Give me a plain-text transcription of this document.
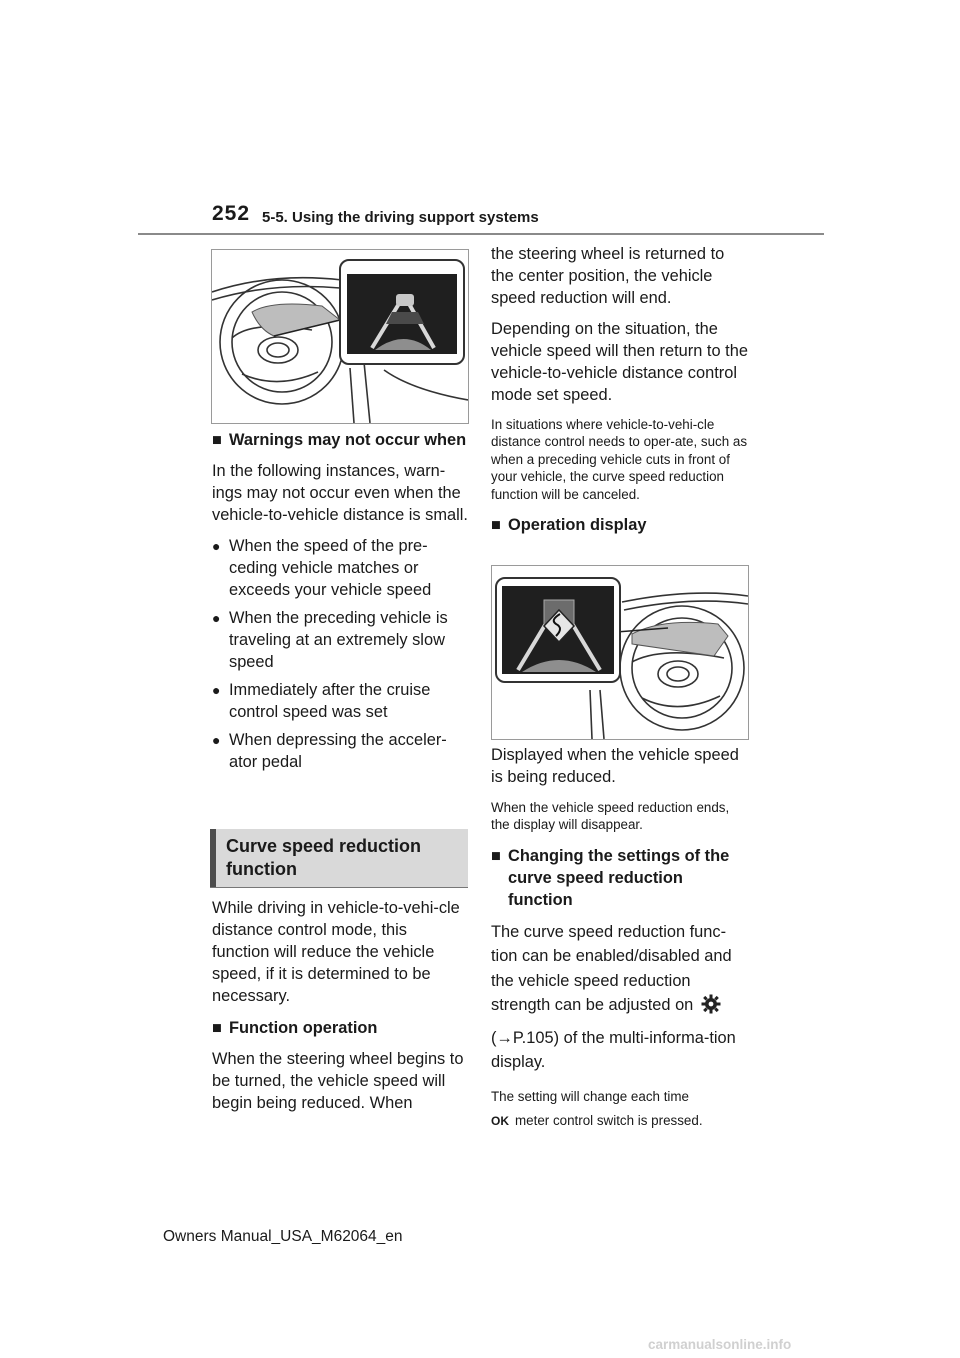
252 5-5. Using the driving support systems
■ Warnings may not occur when

In the following instances, warn-ings may not occur even when the vehicle-to-vehicle distance is small.

● When the speed of the pre-ceding vehicle matches or exceeds your vehicle speed
● When the preceding vehicle is traveling at an extremely slow speed
● Immediately after the cruise control speed was set
● When depressing the acceler-ator pedal
Curve speed reduction function

While driving in vehicle-to-vehi-cle distance control mode, this function will reduce the vehicle speed, if it is determined to be necessary.

■ Function operation

When the steering wheel begins to be turned, the vehicle speed will begin being reduced. When

the steering wheel is returned to the center position, the vehicle speed reduction will end.

Depending on the situation, the vehicle speed will then return to the vehicle-to-vehicle distance control mode set speed.

In situations where vehicle-to-vehi-cle distance control needs to oper-ate, such as when a preceding vehicle cuts in front of your vehicle, the curve speed reduction function will be canceled.

■ Operation display

Displayed when the vehicle speed is being reduced.

When the vehicle speed reduction ends, the display will disappear.

■ Changing the settings of the curve speed reduction function

The curve speed reduction func-tion can be enabled/disabled and the vehicle speed reduction strength can be adjusted on

(→P.105) of the multi-informa-tion display.

The setting will change each time
OK meter control switch is pressed.

Owners Manual_USA_M62064_en
carmanualsonline.info
